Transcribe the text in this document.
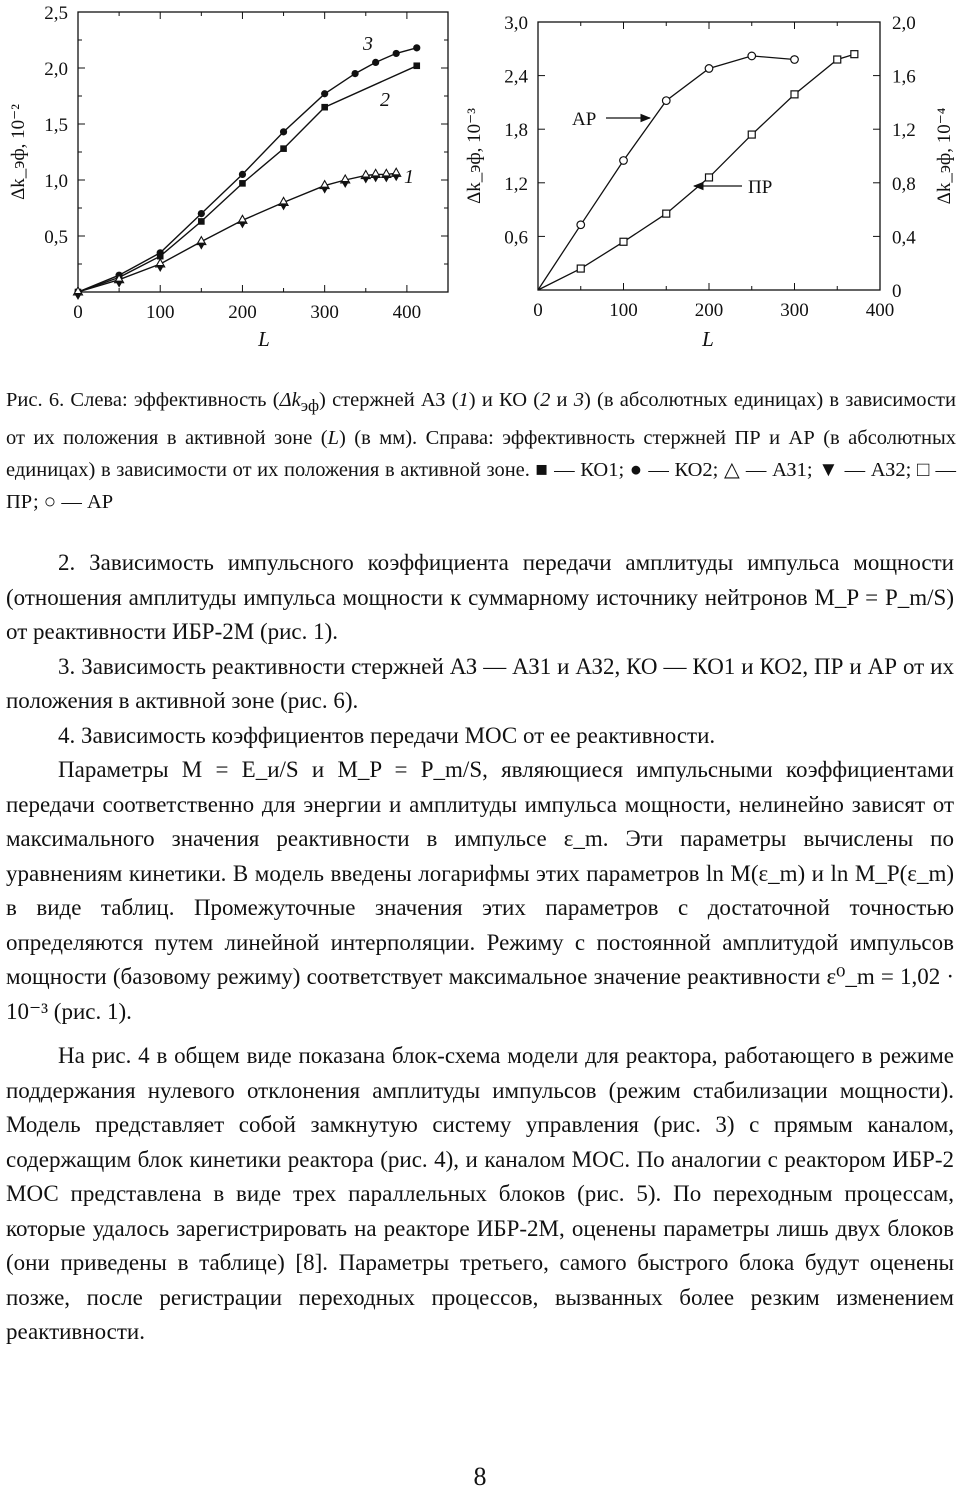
0	100	200	300	400
0,5
1,0
1,5
2,0
2,5
L
Δk_эф, 10⁻²
3
2
1
0	100	200	300	400
0,6
1,2
1,8
2,4
3,0
0
0,4
0,8
1,2
1,6
2,0
L
Δk_эф, 10⁻³	Δk_эф, 10⁻⁴
АР
ПР
Рис. 6. Слева: эффективность $(\Delta k_{эф})$ стержней АЗ (1) и КО (2 и 3) (в абсолютных единицах) в зависимости от их положения в активной зоне (L) (в мм). Справа: эффективность стержней ПР и АР (в абсолютных единицах) в зависимости от их положения в активной зоне. ■ — КО1; ● — КО2; △ — АЗ1; ▼ — АЗ2; □ — ПР; ○ — АР

2. Зависимость импульсного коэффициента передачи амплитуды импульса мощности (отношения амплитуды импульса мощности к суммарному источнику нейтронов M_P = P_m/S) от реактивности ИБР-2М (рис. 1).

3. Зависимость реактивности стержней АЗ — АЗ1 и АЗ2, КО — КО1 и КО2, ПР и АР от их положения в активной зоне (рис. 6).

4. Зависимость коэффициентов передачи МОС от ее реактивности.

Параметры M = E_и/S и M_P = P_m/S, являющиеся импульсными коэффициентами передачи соответственно для энергии и амплитуды импульса мощности, нелинейно зависят от максимального значения реактивности в импульсе ε_m. Эти параметры вычислены по уравнениям кинетики. В модель введены логарифмы этих параметров ln M(ε_m) и ln M_P(ε_m) в виде таблиц. Промежуточные значения этих параметров с достаточной точностью определяются путем линейной интерполяции. Режиму с постоянной амплитудой импульсов мощности (базовому режиму) соответствует максимальное значение реактивности ε⁰_m = 1,02 · 10⁻³ (рис. 1).

На рис. 4 в общем виде показана блок-схема модели для реактора, работающего в режиме поддержания нулевого отклонения амплитуды импульсов (режим стабилизации мощности). Модель представляет собой замкнутую систему управления (рис. 3) с прямым каналом, содержащим блок кинетики реактора (рис. 4), и каналом МОС. По аналогии с реактором ИБР-2 МОС представлена в виде трех параллельных блоков (рис. 5). По переходным процессам, которые удалось зарегистрировать на реакторе ИБР-2М, оценены параметры лишь двух блоков (они приведены в таблице) [8]. Параметры третьего, самого быстрого блока будут оценены позже, после регистрации переходных процессов, вызванных более резким изменением реактивности.

8
